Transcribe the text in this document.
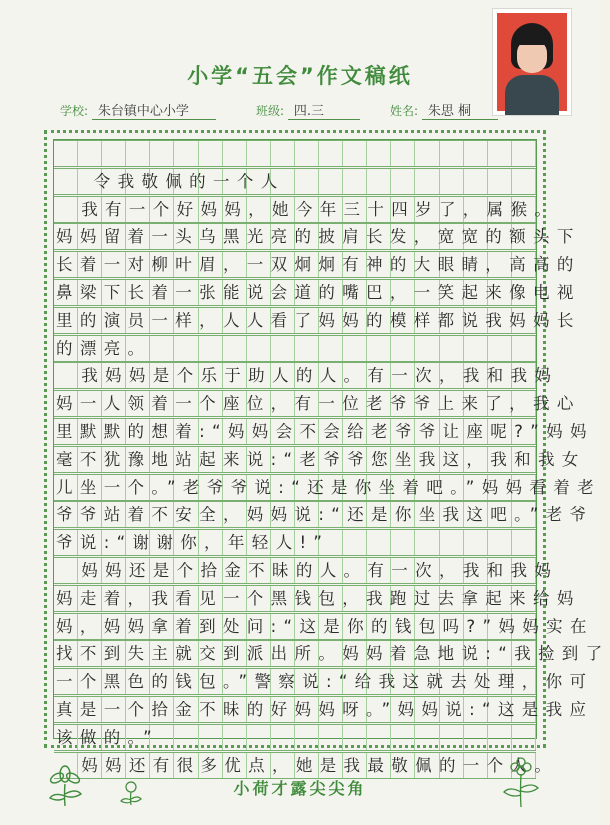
小学“五会”作文稿纸
学校: 朱台镇中心小学	班级: 四.三	姓名: 朱思 桐
令我敬佩的一个人
我有一个好妈妈，她今年三十四岁了，属猴。
妈妈留着一头乌黑光亮的披肩长发，宽宽的额头下
长着一对柳叶眉，一双炯炯有神的大眼睛，高高的
鼻梁下长着一张能说会道的嘴巴，一笑起来像电视
里的演员一样，人人看了妈妈的模样都说我妈妈长
的漂亮。
我妈妈是个乐于助人的人。有一次，我和我妈
妈一人领着一个座位，有一位老爷爷上来了，我心
里默默的想着:“妈妈会不会给老爷爷让座呢?”妈妈
毫不犹豫地站起来说:“老爷爷您坐我这，我和我女
儿坐一个。”老爷爷说:“还是你坐着吧。”妈妈看着老
爷爷站着不安全，妈妈说:“还是你坐我这吧。”老爷
爷说:“谢谢你，年轻人!”
妈妈还是个拾金不昧的人。有一次，我和我妈
妈走着，我看见一个黑钱包，我跑过去拿起来给妈
妈，妈妈拿着到处问:“这是你的钱包吗?”妈妈实在
找不到失主就交到派出所。妈妈着急地说:“我捡到了
一个黑色的钱包。”警察说:“给我这就去处理，你可
真是一个拾金不昧的好妈妈呀。”妈妈说:“这是我应
该做的。”
妈妈还有很多优点，她是我最敬佩的一个人。
小荷才露尖尖角
